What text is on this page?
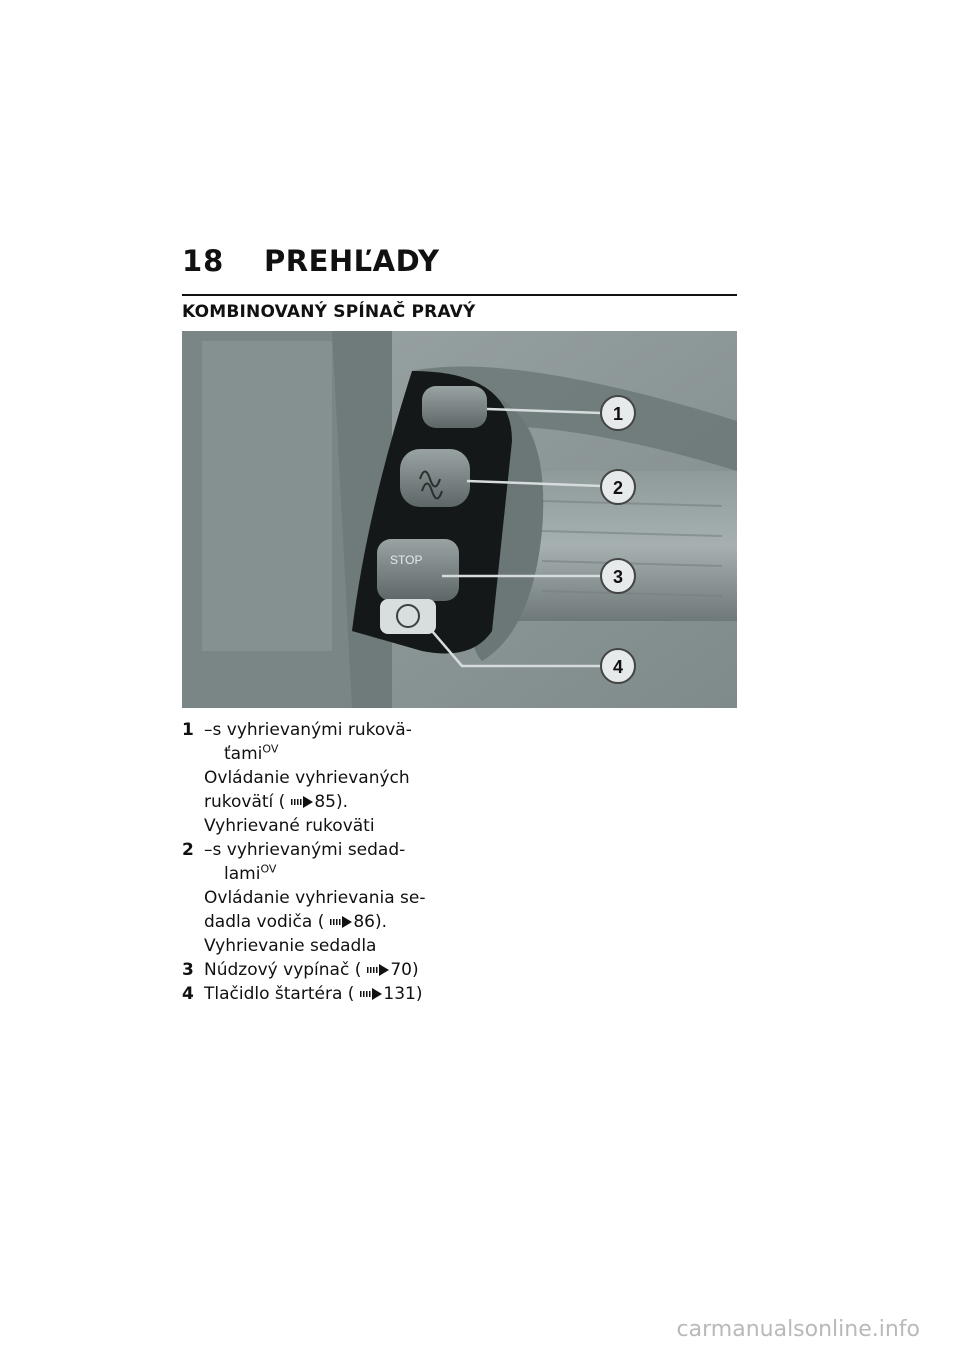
18	PREHĽADY
KOMBINOVANÝ SPÍNAČ PRAVÝ
STOP
1
2
3
4
1 –s vyhrievanými rukovä-
ťami$^{OV}$
Ovládanie vyhrievaných
rukovätí ( 85).
Vyhrievané rukoväti
2 –s vyhrievanými sedad-
lami$^{OV}$
Ovládanie vyhrievania se-
dadla vodiča ( 86).
Vyhrievanie sedadla
3 Núdzový vypínač ( 70)
4 Tlačidlo štartéra ( 131)
carmanualsonline.info
